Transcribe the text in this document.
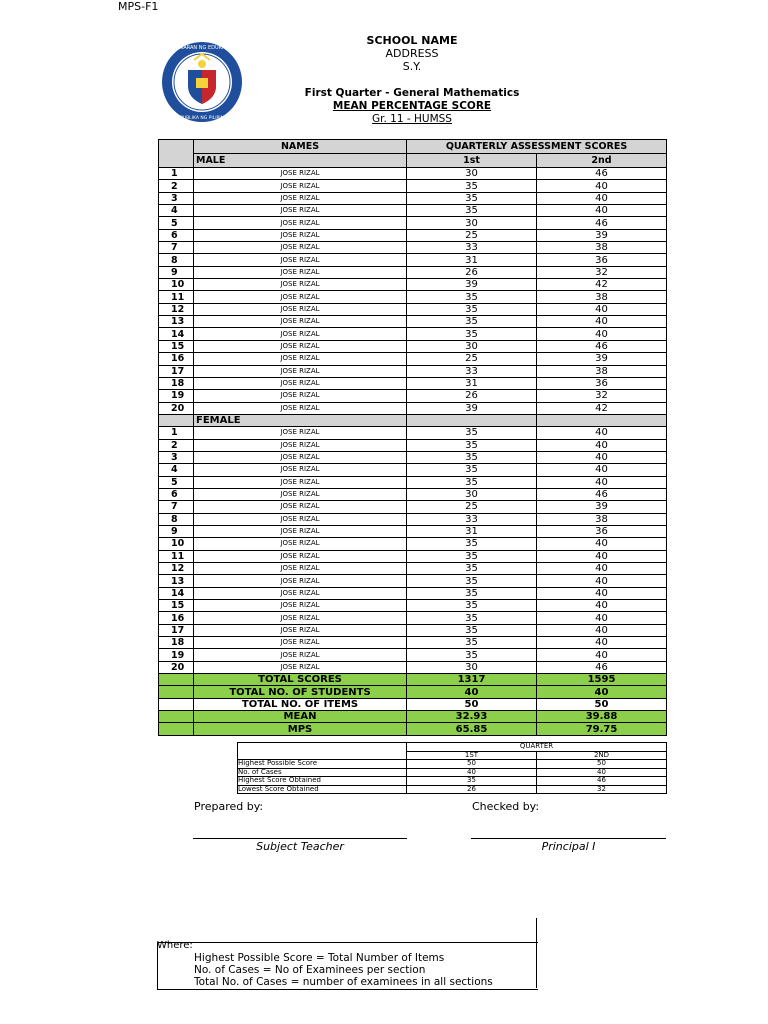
MPS-F1
KAGAWARAN NG EDUKASYON
REPUBLIKA NG PILIPINAS
SCHOOL NAME
ADDRESS
S.Y.
First Quarter - General Mathematics
MEAN PERCENTAGE SCORE
Gr. 11 - HUMSS
	NAMES	QUARTERLY ASSESSMENT SCORES	
	MALE	1st	2nd
1	JOSE RIZAL	30	46
2	JOSE RIZAL	35	40
3	JOSE RIZAL	35	40
4	JOSE RIZAL	35	40
5	JOSE RIZAL	30	46
6	JOSE RIZAL	25	39
7	JOSE RIZAL	33	38
8	JOSE RIZAL	31	36
9	JOSE RIZAL	26	32
10	JOSE RIZAL	39	42
11	JOSE RIZAL	35	38
12	JOSE RIZAL	35	40
13	JOSE RIZAL	35	40
14	JOSE RIZAL	35	40
15	JOSE RIZAL	30	46
16	JOSE RIZAL	25	39
17	JOSE RIZAL	33	38
18	JOSE RIZAL	31	36
19	JOSE RIZAL	26	32
20	JOSE RIZAL	39	42
	FEMALE		
1	JOSE RIZAL	35	40
2	JOSE RIZAL	35	40
3	JOSE RIZAL	35	40
4	JOSE RIZAL	35	40
5	JOSE RIZAL	35	40
6	JOSE RIZAL	30	46
7	JOSE RIZAL	25	39
8	JOSE RIZAL	33	38
9	JOSE RIZAL	31	36
10	JOSE RIZAL	35	40
11	JOSE RIZAL	35	40
12	JOSE RIZAL	35	40
13	JOSE RIZAL	35	40
14	JOSE RIZAL	35	40
15	JOSE RIZAL	35	40
16	JOSE RIZAL	35	40
17	JOSE RIZAL	35	40
18	JOSE RIZAL	35	40
19	JOSE RIZAL	35	40
20	JOSE RIZAL	30	46
	TOTAL SCORES	1317	1595
	TOTAL NO. OF STUDENTS	40	40
	TOTAL NO. OF ITEMS	50	50
	MEAN	32.93	39.88
	MPS	65.85	79.75
	QUARTER	
	1ST	2ND
Highest Possible Score	50	50
No. of Cases	40	40
Highest Score Obtained	35	46
Lowest Score Obtained	26	32
Prepared by:	Checked by:
Subject Teacher	Principal I
Where:
Highest Possible Score = Total Number of Items
No. of Cases = No of Examinees per section
Total No. of Cases = number of examinees in all sections
